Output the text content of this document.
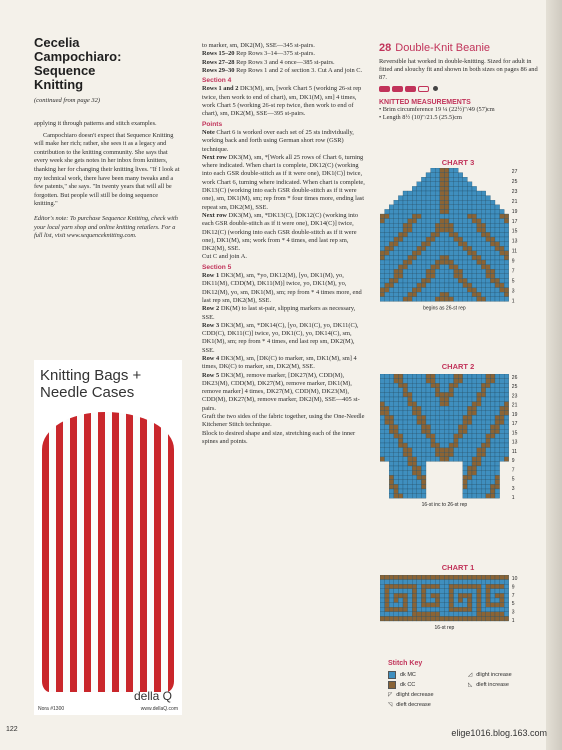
Cecelia
Campochiaro:
Sequence
Knitting
(continued from page 32)

applying it through patterns and stitch examples.

Campochiaro doesn't expect that Sequence Knitting will make her rich; rather, she sees it as a legacy and contribution to the knitting community. She says that every week she gets notes in her inbox from knitters, thanking her for changing their knitting lives. "If I look at my technical work, there have been many tweaks and a few patents," she says. "In twenty years that will all be forgotten. But people will still be doing sequence knitting."

Editor's note: To purchase Sequence Knitting, check with your local yarn shop and online knitting retailers. For a full list, visit www.sequenceknitting.com.
Knitting Bags +
Needle Cases
della Q
Nora #1300	www.dellaQ.com

to marker, sm, DK2(M), SSE—345 st-pairs.

Rows 15–20 Rep Rows 3–14—375 st-pairs.

Rows 27–28 Rep Rows 3 and 4 once—385 st-pairs.

Rows 29–30 Rep Rows 1 and 2 of section 3. Cut A and join C.

Section 4

Rows 1 and 2 DK3(M), sm, [work Chart 5 (working 26-st rep twice, then work to end of chart), sm, DK1(M), sm] 4 times, work Chart 5 (working 26-st rep twice, then work to end of chart), sm, DK2(M), SSE—395 st-pairs.

Points

Note Chart 6 is worked over each set of 25 sts individually, working back and forth using German short row (GSR) technique.

Next row DK3(M), sm, *[Work all 25 rows of Chart 6, turning where indicated. When chart is complete, DK12(C) (working into each GSR double-stitch as if it were one), DK1(C)] twice, work Chart 6, turning where indicated. When chart is complete, DK13(C) (working into each GSR double-stitch as if it were one), sm, DK1(M), sm; rep from * four times more, ending last repeat sm, DK2(M), SSE.

Next row DK3(M), sm, *DK13(C), [DK12(C) (working into each GSR double-stitch as if it were one), DK14(C)] twice, DK12(C) (working into each GSR double-stitch as if it were one), DK1(M), sm; work from * 4 times, end last rep sm, DK2(M), SSE.

Cut C and join A.

Section 5

Row 1 DK3(M), sm, *yo, DK12(M), [yo, DK1(M), yo, DK11(M), CDD(M), DK11(M)] twice, yo, DK1(M), yo, DK12(M), yo, sm, DK1(M), sm; rep from * 4 times more, end last rep sm, DK2(M), SSE.

Row 2 DK(M) to last st-pair, slipping markers as necessary, SSE.

Row 3 DK3(M), sm, *DK14(C), [yo, DK1(C), yo, DK11(C), CDD(C), DK11(C)] twice, yo, DK1(C), yo, DK14(C), sm, DK1(M), sm; rep from * 4 times, end last rep sm, DK2(M), SSE.

Row 4 DK3(M), sm, [DK(C) to marker, sm, DK1(M), sm] 4 times, DK(C) to marker, sm, DK2(M), SSE.

Row 5 DK3(M), remove marker, [DK27(M), CDD(M), DK23(M), CDD(M), DK27(M), remove marker, DK1(M), remove marker] 4 times, DK27(M), CDD(M), DK23(M), CDD(M), DK27(M), remove marker, DK2(M), SSE—405 st-pairs.

Graft the two sides of the fabric together, using the One-Needle Kitchener Stitch technique.

Block to desired shape and size, stretching each of the inner spines and points.

28 Double-Knit Beanie
Reversible hat worked in double-knitting. Sized for adult in fitted and slouchy fit and shown in both sizes on pages 86 and 87.
KNITTED MEASUREMENTS
• Brim circumference 19 ¼ (22½)"/49 (57)cm
• Length 8½ (10)"/21.5 (25.5)cm
CHART 3
27
25
23
21
19
17
15
13
11
9
7
5
3
1
begins as 26-st rep
CHART 2
26
25
23
21
19
17
15
13
11
9
7
5
3
1
16-st inc to 26-st rep
CHART 1
10
9
7
5
3
1
16-st rep
Stitch Key
dk MC	◿ dlight increase
dk CC	◺ dleft increase
◸ dlight decrease
◹ dleft decrease
122	elige1016.blog.163.com
